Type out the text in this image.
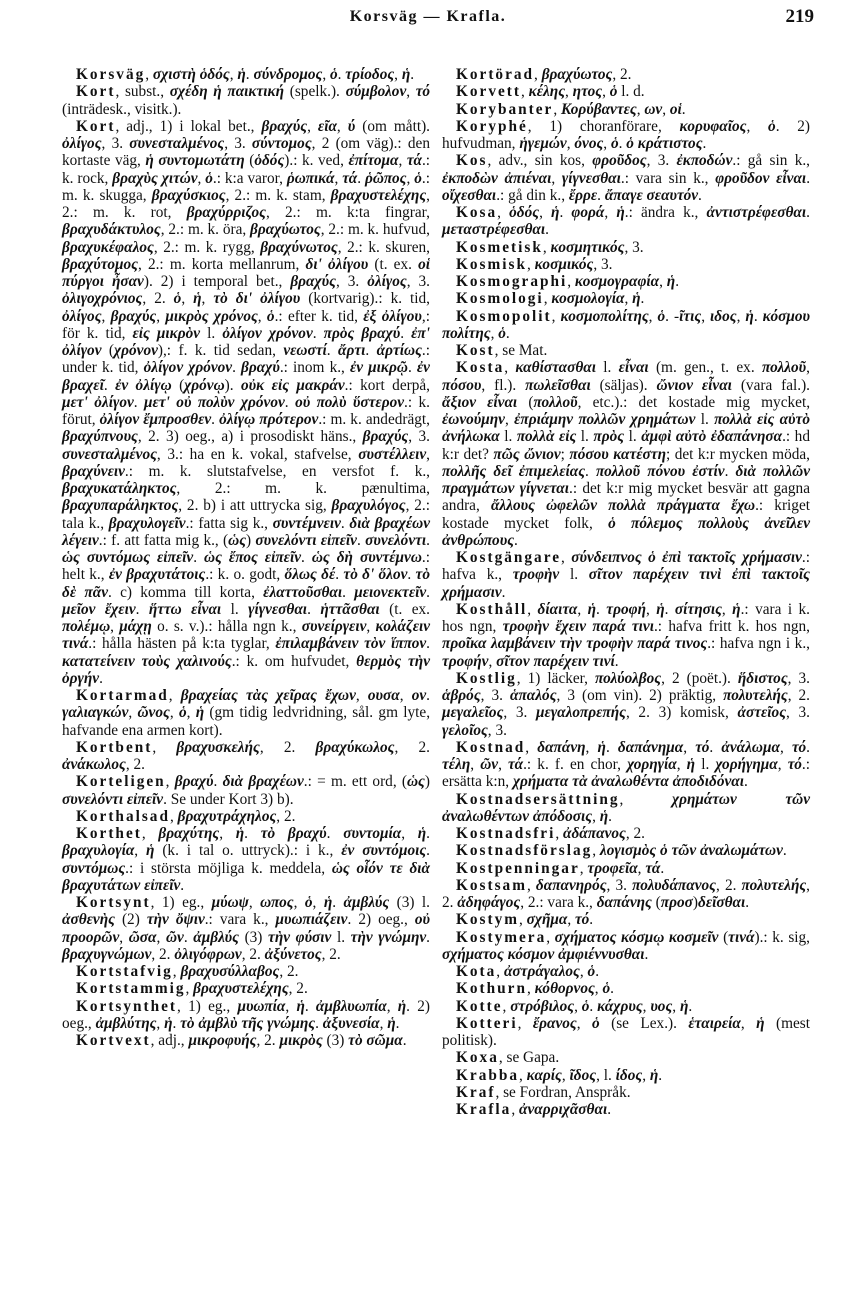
Korsväg — Krafla.	219

Korsväg, σχιστὴ ὁδός, ἡ. σύνδρομος, ὁ. τρίοδος, ἡ.

Kort, subst., σχέδη ἡ παικτική (spelk.). σύμβολον, τό (inträdesk., visitk.).

Kort, adj., 1) i lokal bet., βραχύς, εῖα, ύ (om mått). ὀλίγος, 3. συνεσταλμένος, 3. σύντομος, 2 (om väg).: den kortaste väg, ἡ συντομωτάτη (ὁδός).: k. ved, ἐπίτομα, τά.: k. rock, βραχὺς χιτών, ὁ.: k:a varor, ῥωπικά, τά. ῥῶπος, ὁ.: m. k. skugga, βραχύσκιος, 2.: m. k. stam, βραχυστελέχης, 2.: m. k. rot, βραχύρριζος, 2.: m. k:ta fingrar, βραχυδάκτυλος, 2.: m. k. öra, βραχύωτος, 2.: m. k. hufvud, βραχυκέφαλος, 2.: m. k. rygg, βραχύνωτος, 2.: k. skuren, βραχύτομος, 2.: m. korta mellanrum, δι' ὀλίγου (t. ex. οἱ πύργοι ἦσαν). 2) i temporal bet., βραχύς, 3. ὀλίγος, 3. ὀλιγοχρόνιος, 2. ὁ, ἡ, τὸ δι' ὀλίγου (kortvarig).: k. tid, ὀλίγος, βραχύς, μικρὸς χρόνος, ὁ.: efter k. tid, ἐξ ὀλίγου,: för k. tid, εἰς μικρὸν l. ὀλίγον χρόνον. πρὸς βραχύ. ἐπ' ὀλίγον (χρόνον),: f. k. tid sedan, νεωστί. ἄρτι. ἀρτίως.: under k. tid, ὀλίγον χρόνον. βραχύ.: inom k., ἐν μικρῷ. ἐν βραχεῖ. ἐν ὀλίγῳ (χρόνῳ). οὐκ εἰς μακράν.: kort derpå, μετ' ὀλίγον. μετ' οὐ πολὺν χρόνον. οὐ πολὺ ὕστερον.: k. förut, ὀλίγον ἔμπροσθεν. ὀλίγῳ πρότερον.: m. k. andedrägt, βραχύπνους, 2. 3) oeg., a) i prosodiskt häns., βραχύς, 3. συνεσταλμένος, 3.: ha en k. vokal, stafvelse, συστέλλειν, βραχύνειν.: m. k. slutstafvelse, en versfot f. k., βραχυκατάληκτος, 2.: m. k. pænultima, βραχυπαράληκτος, 2. b) i att uttrycka sig, βραχυλόγος, 2.: tala k., βραχυλογεῖν.: fatta sig k., συντέμνειν. διὰ βραχέων λέγειν.: f. att fatta mig k., (ὡς) συνελόντι εἰπεῖν. συνελόντι. ὡς συντόμως εἰπεῖν. ὡς ἔπος εἰπεῖν. ὡς δὴ συντέμνω.: helt k., ἐν βραχυτάτοις.: k. o. godt, ὅλως δέ. τὸ δ' ὅλον. τὸ δὲ πᾶν. c) komma till korta, ἐλαττοῦσθαι. μειονεκτεῖν. μεῖον ἔχειν. ἥττω εἶναι l. γίγνεσθαι. ἡττᾶσθαι (t. ex. πολέμῳ, μάχῃ o. s. v.).: hålla ngn k., συνείργειν, κολάζειν τινά.: hålla hästen på k:ta tyglar, ἐπιλαμβάνειν τὸν ἵππον. κατατείνειν τοὺς χαλινούς.: k. om hufvudet, θερμὸς τὴν ὀργήν.

Kortarmad, βραχείας τὰς χεῖρας ἔχων, ουσα, ον. γαλιαγκών, ῶνος, ὁ, ἡ (gm tidig ledvridning, sål. gm lyte, hafvande ena armen kort).

Kortbent, βραχυσκελής, 2. βραχύκωλος, 2. ἀνάκωλος, 2.

Korteligen, βραχύ. διὰ βραχέων.: = m. ett ord, (ὡς) συνελόντι εἰπεῖν. Se under Kort 3) b).

Korthalsad, βραχυτράχηλος, 2.

Korthet, βραχύτης, ἡ. τὸ βραχύ. συντομία, ἡ. βραχυλογία, ἡ (k. i tal o. uttryck).: i k., ἐν συντόμοις. συντόμως.: i största möjliga k. meddela, ὡς οἷόν τε διὰ βραχυτάτων εἰπεῖν.

Kortsynt, 1) eg., μύωψ, ωπος, ὁ, ἡ. ἀμβλύς (3) l. ἀσθενὴς (2) τὴν ὄψιν.: vara k., μυωπιάζειν. 2) oeg., οὐ προορῶν, ῶσα, ῶν. ἀμβλύς (3) τὴν φύσιν l. τὴν γνώμην. βραχυγνώμων, 2. ὀλιγόφρων, 2. ἀξύνετος, 2.

Kortstafvig, βραχυσύλλαβος, 2.

Kortstammig, βραχυστελέχης, 2.

Kortsynthet, 1) eg., μυωπία, ἡ. ἀμβλυωπία, ἡ. 2) oeg., ἀμβλύτης, ἡ. τὸ ἀμβλὺ τῆς γνώμης. ἀξυνεσία, ἡ.

Kortvext, adj., μικροφυής, 2. μικρὸς (3) τὸ σῶμα.

Kortörad, βραχύωτος, 2.

Korvett, κέλης, ητος, ὁ l. d.

Korybanter, Κορύβαντες, ων, οἱ.

Koryphé, 1) choranförare, κορυφαῖος, ὁ. 2) hufvudman, ἡγεμών, όνος, ὁ. ὁ κράτιστος.

Kos, adv., sin kos, φροῦδος, 3. ἐκποδών.: gå sin k., ἐκποδὼν ἀπιέναι, γίγνεσθαι.: vara sin k., φροῦδον εἶναι. οἴχεσθαι.: gå din k., ἔρρε. ἄπαγε σεαυτόν.

Kosa, ὁδός, ἡ. φορά, ἡ.: ändra k., ἀντιστρέφεσθαι. μεταστρέφεσθαι.

Kosmetisk, κοσμητικός, 3.

Kosmisk, κοσμικός, 3.

Kosmographi, κοσμογραφία, ἡ.

Kosmologi, κοσμολογία, ἡ.

Kosmopolit, κοσμοπολίτης, ὁ. -ῖτις, ιδος, ἡ. κόσμου πολίτης, ὁ.

Kost, se Mat.

Kosta, καθίστασθαι l. εἶναι (m. gen., t. ex. πολλοῦ, πόσου, fl.). πωλεῖσθαι (säljas). ὤνιον εἶναι (vara fal.). ἄξιον εἶναι (πολλοῦ, etc.).: det kostade mig mycket, ἐωνούμην, ἐπριάμην πολλῶν χρημάτων l. πολλὰ εἰς αὐτὸ ἀνήλωκα l. πολλὰ εἰς l. πρὸς l. ἀμφὶ αὐτὸ ἐδαπάνησα.: hd k:r det? πῶς ὤνιον; πόσου κατέστη; det k:r mycken möda, πολλῆς δεῖ ἐπιμελείας. πολλοῦ πόνου ἐστίν. διὰ πολλῶν πραγμάτων γίγνεται.: det k:r mig mycket besvär att gagna andra, ἄλλους ὠφελῶν πολλὰ πράγματα ἔχω.: kriget kostade mycket folk, ὁ πόλεμος πολλοὺς ἀνεῖλεν ἀνθρώπους.

Kostgängare, σύνδειπνος ὁ ἐπὶ τακτοῖς χρήμασιν.: hafva k., τροφὴν l. σῖτον παρέχειν τινὶ ἐπὶ τακτοῖς χρήμασιν.

Kosthåll, δίαιτα, ἡ. τροφή, ἡ. σίτησις, ἡ.: vara i k. hos ngn, τροφὴν ἔχειν παρά τινι.: hafva fritt k. hos ngn, προῖκα λαμβάνειν τὴν τροφὴν παρά τινος.: hafva ngn i k., τροφήν, σῖτον παρέχειν τινί.

Kostlig, 1) läcker, πολύολβος, 2 (poët.). ἥδιστος, 3. ἁβρός, 3. ἁπαλός, 3 (om vin). 2) präktig, πολυτελής, 2. μεγαλεῖος, 3. μεγαλοπρεπής, 2. 3) komisk, ἀστεῖος, 3. γελοῖος, 3.

Kostnad, δαπάνη, ἡ. δαπάνημα, τό. ἀνάλωμα, τό. τέλη, ῶν, τά.: k. f. en chor, χορηγία, ἡ l. χορήγημα, τό.: ersätta k:n, χρήματα τὰ ἀναλωθέντα ἀποδιδόναι.

Kostnadsersättning, χρημάτων τῶν ἀναλωθέντων ἀπόδοσις, ἡ.

Kostnadsfri, ἀδάπανος, 2.

Kostnadsförslag, λογισμὸς ὁ τῶν ἀναλωμάτων.

Kostpenningar, τροφεῖα, τά.

Kostsam, δαπανηρός, 3. πολυδάπανος, 2. πολυτελής, 2. ἀδηφάγος, 2.: vara k., δαπάνης (προσ)δεῖσθαι.

Kostym, σχῆμα, τό.

Kostymera, σχήματος κόσμῳ κοσμεῖν (τινά).: k. sig, σχήματος κόσμον ἀμφιέννυσθαι.

Kota, ἀστράγαλος, ὁ.

Kothurn, κόθορνος, ὁ.

Kotte, στρόβιλος, ὁ. κάχρυς, υος, ἡ.

Kotteri, ἔρανος, ὁ (se Lex.). ἑταιρεία, ἡ (mest politisk).

Koxa, se Gapa.

Krabba, καρίς, ῖδος, l. ίδος, ἡ.

Kraf, se Fordran, Anspråk.

Krafla, ἀναρριχᾶσθαι.
